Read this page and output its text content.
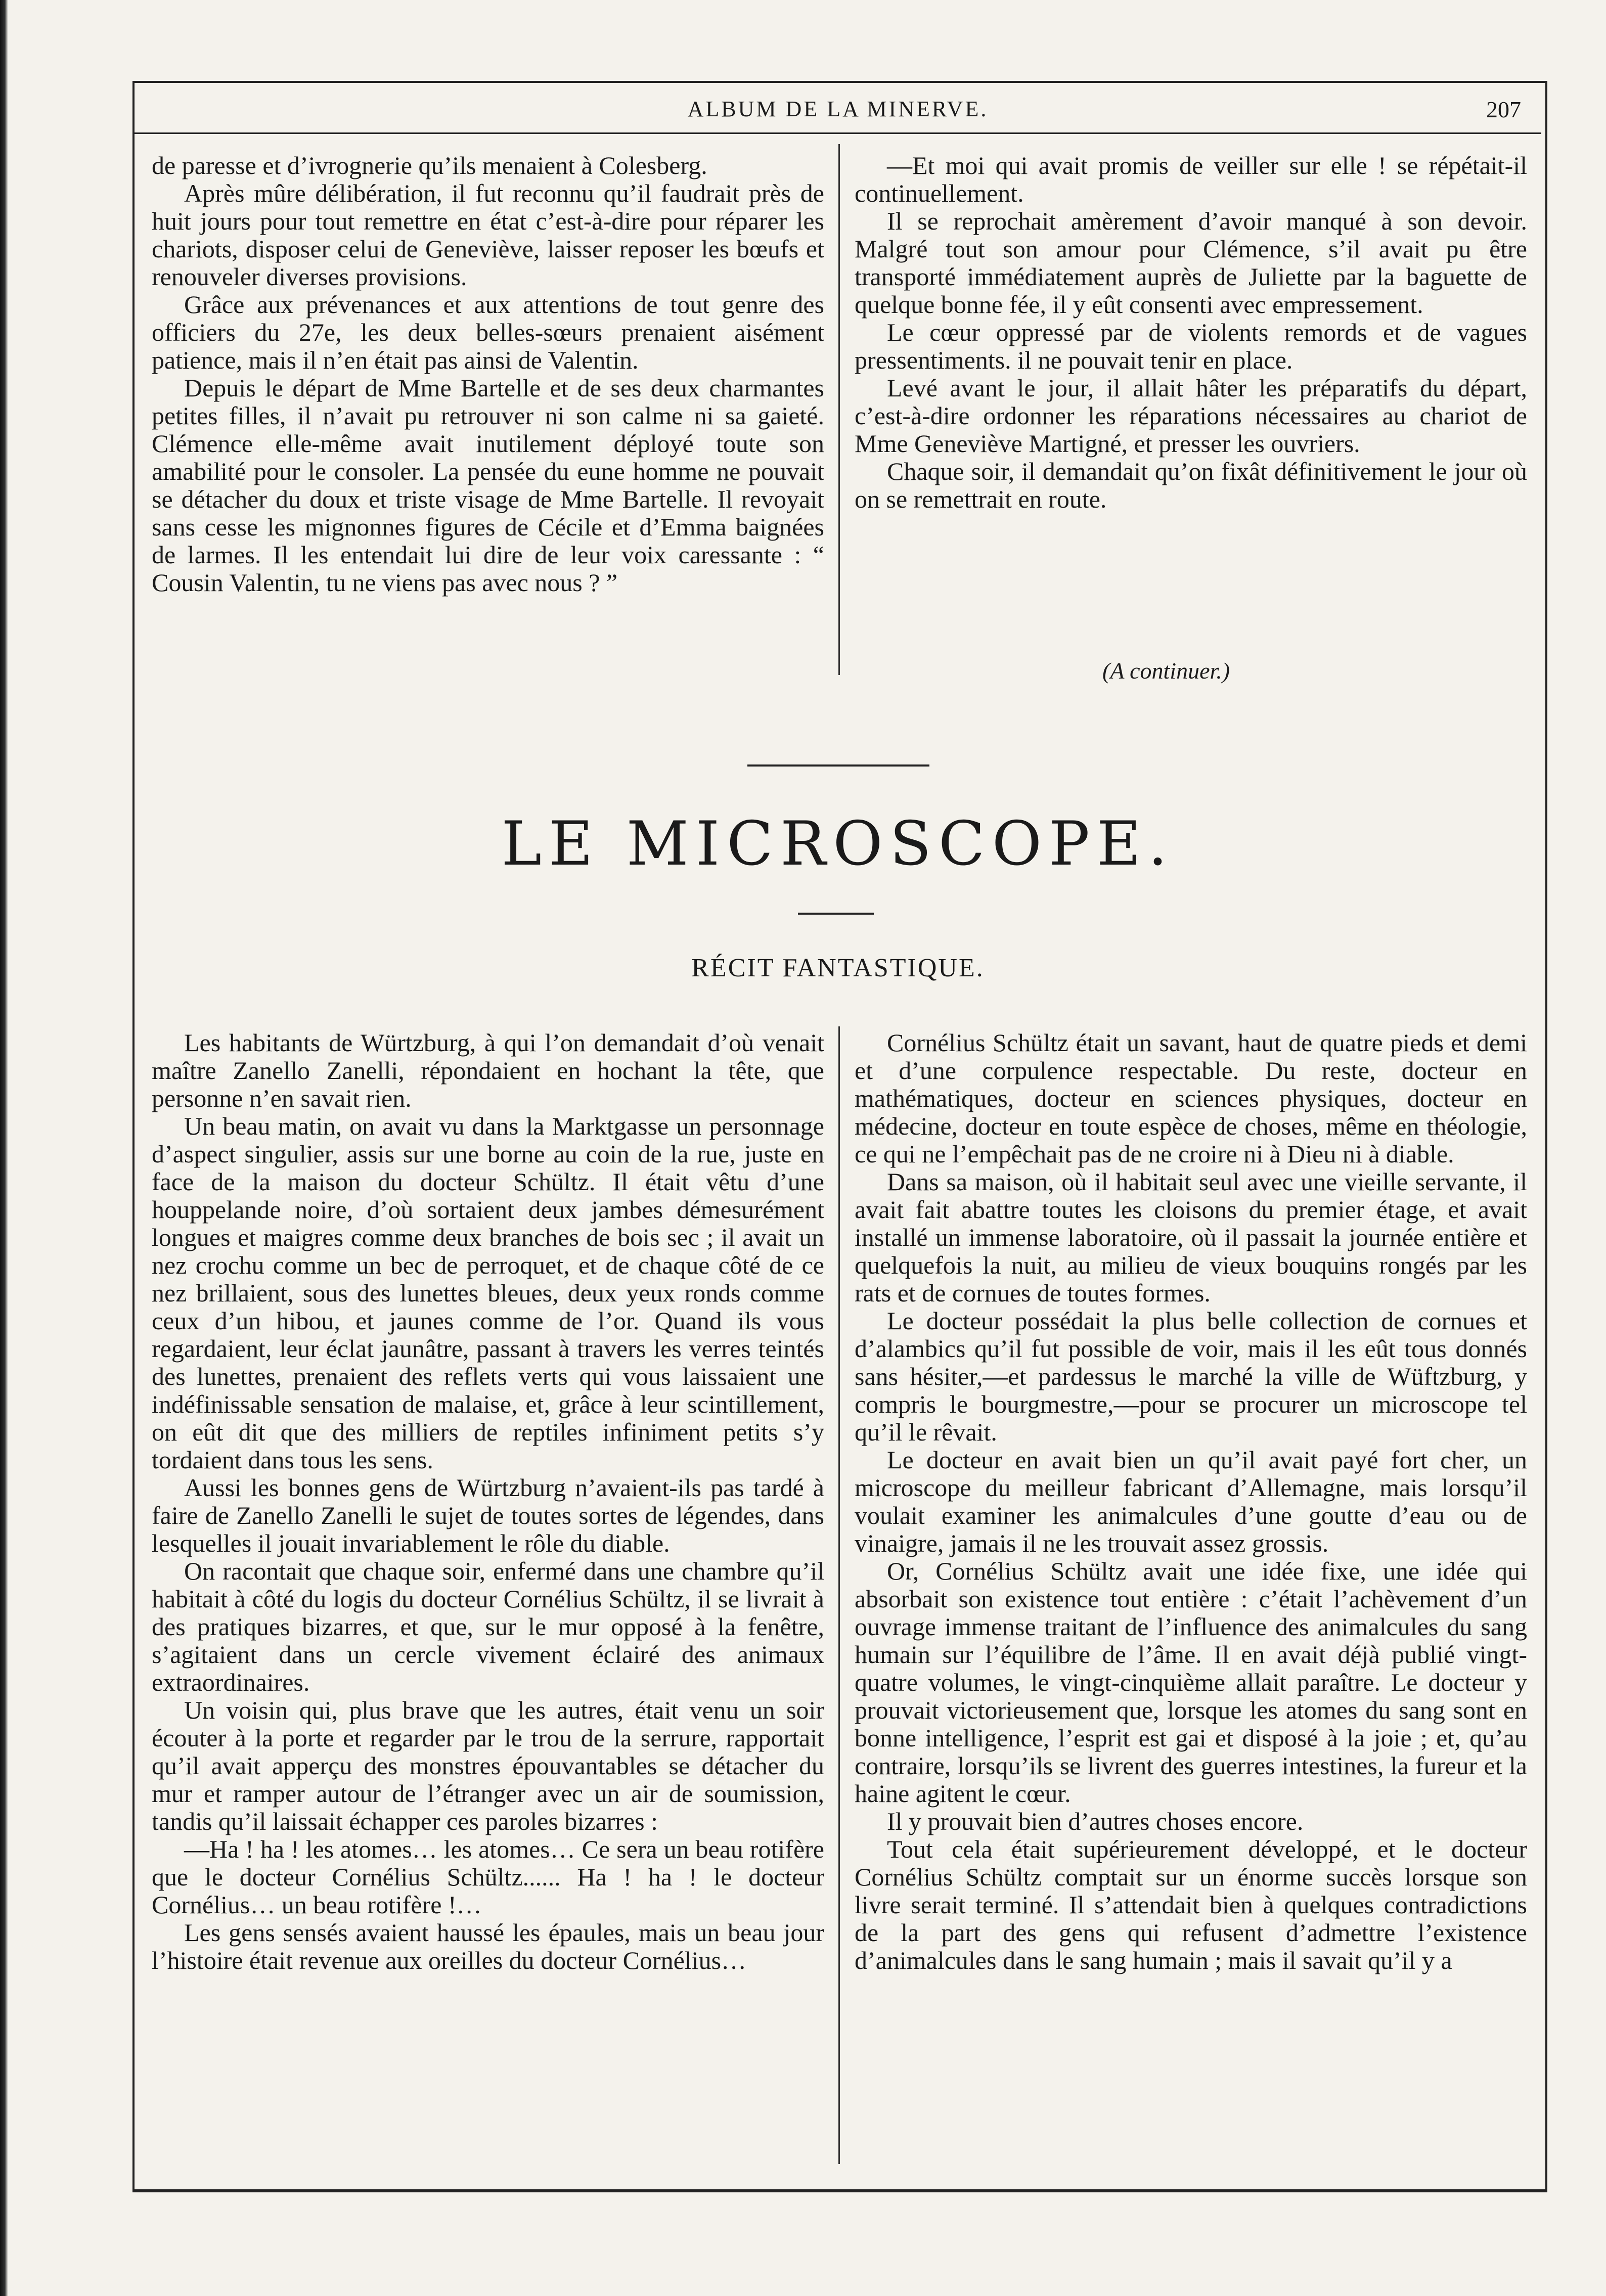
ALBUM DE LA MINERVE.	207

de paresse et d’ivrognerie qu’ils menaient à Colesberg.

Après mûre délibération, il fut reconnu qu’il faudrait près de huit jours pour tout remettre en état c’est-à-dire pour réparer les chariots, disposer celui de Geneviève, laisser reposer les bœufs et renouveler diverses provisions.

Grâce aux prévenances et aux attentions de tout genre des officiers du 27e, les deux belles-sœurs prenaient aisément patience, mais il n’en était pas ainsi de Valentin.

Depuis le départ de Mme Bartelle et de ses deux charmantes petites filles, il n’avait pu retrouver ni son calme ni sa gaieté. Clémence elle-même avait inutilement déployé toute son amabilité pour le consoler. La pensée du eune homme ne pouvait se détacher du doux et triste visage de Mme Bartelle. Il revoyait sans cesse les mignonnes figures de Cécile et d’Emma baignées de larmes. Il les entendait lui dire de leur voix caressante : “ Cousin Valentin, tu ne viens pas avec nous ? ”

—Et moi qui avait promis de veiller sur elle ! se répétait-il continuellement.

Il se reprochait amèrement d’avoir manqué à son devoir. Malgré tout son amour pour Clémence, s’il avait pu être transporté immédiatement auprès de Juliette par la baguette de quelque bonne fée, il y eût consenti avec empressement.

Le cœur oppressé par de violents remords et de vagues pressentiments. il ne pouvait tenir en place.

Levé avant le jour, il allait hâter les préparatifs du départ, c’est-à-dire ordonner les réparations nécessaires au chariot de Mme Geneviève Martigné, et presser les ouvriers.

Chaque soir, il demandait qu’on fixât définitivement le jour où on se remettrait en route.

(A continuer.)
LE MICROSCOPE.
RÉCIT FANTASTIQUE.

Les habitants de Würtzburg, à qui l’on demandait d’où venait maître Zanello Zanelli, répondaient en hochant la tête, que personne n’en savait rien.

Un beau matin, on avait vu dans la Marktgasse un personnage d’aspect singulier, assis sur une borne au coin de la rue, juste en face de la maison du docteur Schültz. Il était vêtu d’une houppelande noire, d’où sortaient deux jambes démesurément longues et maigres comme deux branches de bois sec ; il avait un nez crochu comme un bec de perroquet, et de chaque côté de ce nez brillaient, sous des lunettes bleues, deux yeux ronds comme ceux d’un hibou, et jaunes comme de l’or. Quand ils vous regardaient, leur éclat jaunâtre, passant à travers les verres teintés des lunettes, prenaient des reflets verts qui vous laissaient une indéfinissable sensation de malaise, et, grâce à leur scintillement, on eût dit que des milliers de reptiles infiniment petits s’y tordaient dans tous les sens.

Aussi les bonnes gens de Würtzburg n’avaient-ils pas tardé à faire de Zanello Zanelli le sujet de toutes sortes de légendes, dans lesquelles il jouait invariablement le rôle du diable.

On racontait que chaque soir, enfermé dans une chambre qu’il habitait à côté du logis du docteur Cornélius Schültz, il se livrait à des pratiques bizarres, et que, sur le mur opposé à la fenêtre, s’agitaient dans un cercle vivement éclairé des animaux extraordinaires.

Un voisin qui, plus brave que les autres, était venu un soir écouter à la porte et regarder par le trou de la serrure, rapportait qu’il avait apperçu des monstres épouvantables se détacher du mur et ramper autour de l’étranger avec un air de soumission, tandis qu’il laissait échapper ces paroles bizarres :

—Ha ! ha ! les atomes… les atomes… Ce sera un beau rotifère que le docteur Cornélius Schültz...... Ha ! ha ! le docteur Cornélius… un beau rotifère !…

Les gens sensés avaient haussé les épaules, mais un beau jour l’histoire était revenue aux oreilles du docteur Cornélius…

Cornélius Schültz était un savant, haut de quatre pieds et demi et d’une corpulence respectable. Du reste, docteur en mathématiques, docteur en sciences physiques, docteur en médecine, docteur en toute espèce de choses, même en théologie, ce qui ne l’empêchait pas de ne croire ni à Dieu ni à diable.

Dans sa maison, où il habitait seul avec une vieille servante, il avait fait abattre toutes les cloisons du premier étage, et avait installé un immense laboratoire, où il passait la journée entière et quelquefois la nuit, au milieu de vieux bouquins rongés par les rats et de cornues de toutes formes.

Le docteur possédait la plus belle collection de cornues et d’alambics qu’il fut possible de voir, mais il les eût tous donnés sans hésiter,—et pardessus le marché la ville de Wüftzburg, y compris le bourgmestre,—pour se procurer un microscope tel qu’il le rêvait.

Le docteur en avait bien un qu’il avait payé fort cher, un microscope du meilleur fabricant d’Allemagne, mais lorsqu’il voulait examiner les animalcules d’une goutte d’eau ou de vinaigre, jamais il ne les trouvait assez grossis.

Or, Cornélius Schültz avait une idée fixe, une idée qui absorbait son existence tout entière : c’était l’achèvement d’un ouvrage immense traitant de l’influence des animalcules du sang humain sur l’équilibre de l’âme. Il en avait déjà publié vingt-quatre volumes, le vingt-cinquième allait paraître. Le docteur y prouvait victorieusement que, lorsque les atomes du sang sont en bonne intelligence, l’esprit est gai et disposé à la joie ; et, qu’au contraire, lorsqu’ils se livrent des guerres intestines, la fureur et la haine agitent le cœur.

Il y prouvait bien d’autres choses encore.

Tout cela était supérieurement développé, et le docteur Cornélius Schültz comptait sur un énorme succès lorsque son livre serait terminé. Il s’attendait bien à quelques contradictions de la part des gens qui refusent d’admettre l’existence d’animalcules dans le sang humain ; mais il savait qu’il y a
